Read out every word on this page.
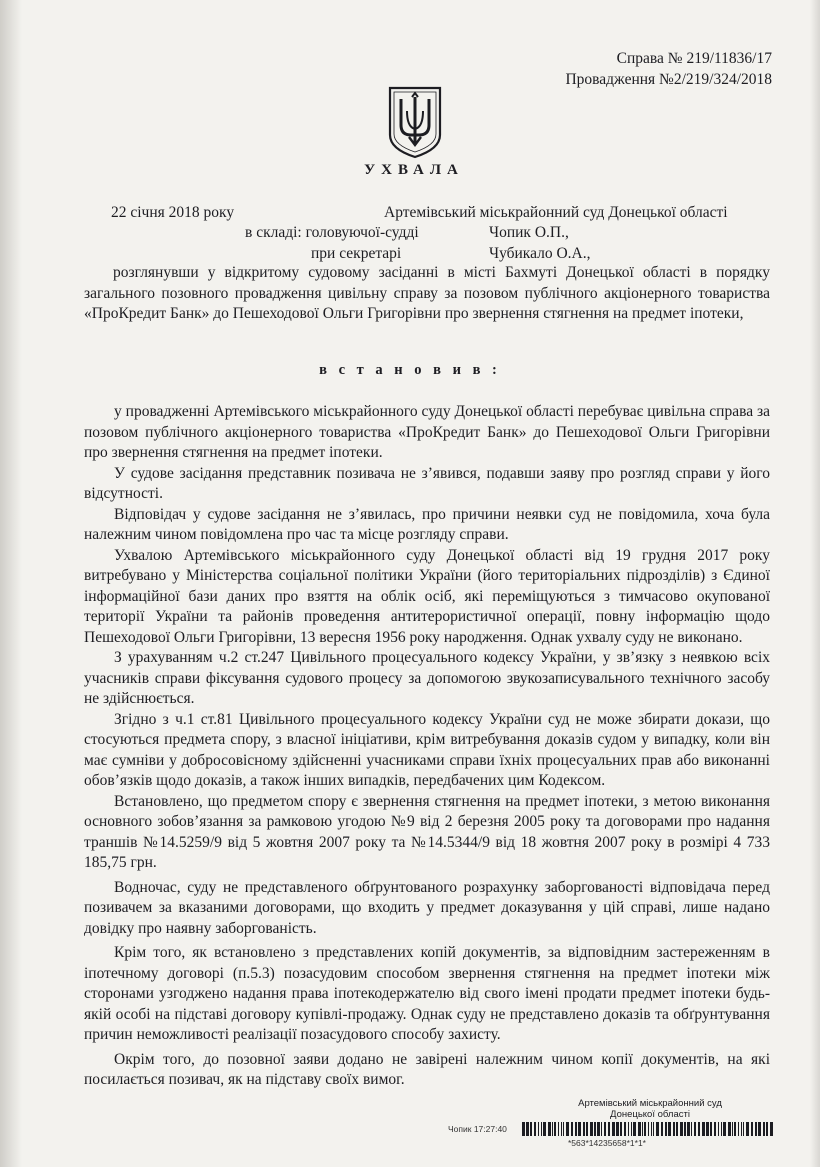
Справа № 219/11836/17
Провадження №2/219/324/2018
УХВАЛА
22 січня 2018 року	Артемівський міськрайонний суд Донецької області
в складі: головуючої-судді	Чопик О.П.,
при секретарі	Чубикало О.А.,
розглянувши у відкритому судовому засіданні в місті Бахмуті Донецької області в порядку
загального позовного провадження цивільну справу за позовом публічного акціонерного товариства «ПроКредит Банк» до Пешеходової Ольги Григорівни про звернення стягнення на предмет іпотеки,
в с т а н о в и в :

у провадженні Артемівського міськрайонного суду Донецької області перебуває цивільна справа за позовом публічного акціонерного товариства «ПроКредит Банк» до Пешеходової Ольги Григорівни про звернення стягнення на предмет іпотеки.

У судове засідання представник позивача не з’явився, подавши заяву про розгляд справи у його відсутності.

Відповідач у судове засідання не з’явилась, про причини неявки суд не повідомила, хоча була належним чином повідомлена про час та місце розгляду справи.

Ухвалою Артемівського міськрайонного суду Донецької області від 19 грудня 2017 року витребувано у Міністерства соціальної політики України (його територіальних підрозділів) з Єдиної інформаційної бази даних про взяття на облік осіб, які переміщуються з тимчасово окупованої території України та районів проведення антитерористичної операції, повну інформацію щодо Пешеходової Ольги Григорівни, 13 вересня 1956 року народження. Однак ухвалу суду не виконано.

З урахуванням ч.2 ст.247 Цивільного процесуального кодексу України, у зв’язку з неявкою всіх учасників справи фіксування судового процесу за допомогою звукозаписувального технічного засобу не здійснюється.

Згідно з ч.1 ст.81 Цивільного процесуального кодексу України суд не може збирати докази, що стосуються предмета спору, з власної ініціативи, крім витребування доказів судом у випадку, коли він має сумніви у добросовісному здійсненні учасниками справи їхніх процесуальних прав або виконанні обов’язків щодо доказів, а також інших випадків, передбачених цим Кодексом.

Встановлено, що предметом спору є звернення стягнення на предмет іпотеки, з метою виконання основного зобов’язання за рамковою угодою №9 від 2 березня 2005 року та договорами про надання траншів №14.5259/9 від 5 жовтня 2007 року та №14.5344/9 від 18 жовтня 2007 року в розмірі 4 733 185,75 грн.

Водночас, суду не представленого обґрунтованого розрахунку заборгованості відповідача перед позивачем за вказаними договорами, що входить у предмет доказування у цій справі, лише надано довідку про наявну заборгованість.

Крім того, як встановлено з представлених копій документів, за відповідним застереженням в іпотечному договорі (п.5.3) позасудовим способом звернення стягнення на предмет іпотеки між сторонами узгоджено надання права іпотекодержателю від свого імені продати предмет іпотеки будь-якій особі на підставі договору купівлі-продажу. Однак суду не представлено доказів та обґрунтування причин неможливості реалізації позасудового способу захисту.

Окрім того, до позовної заяви додано не завірені належним чином копії документів, на які посилається позивач, як на підставу своїх вимог.

Артемівський міськрайонний суд
Донецької області
Чопик 17:27:40
*563*14235658*1*1*
